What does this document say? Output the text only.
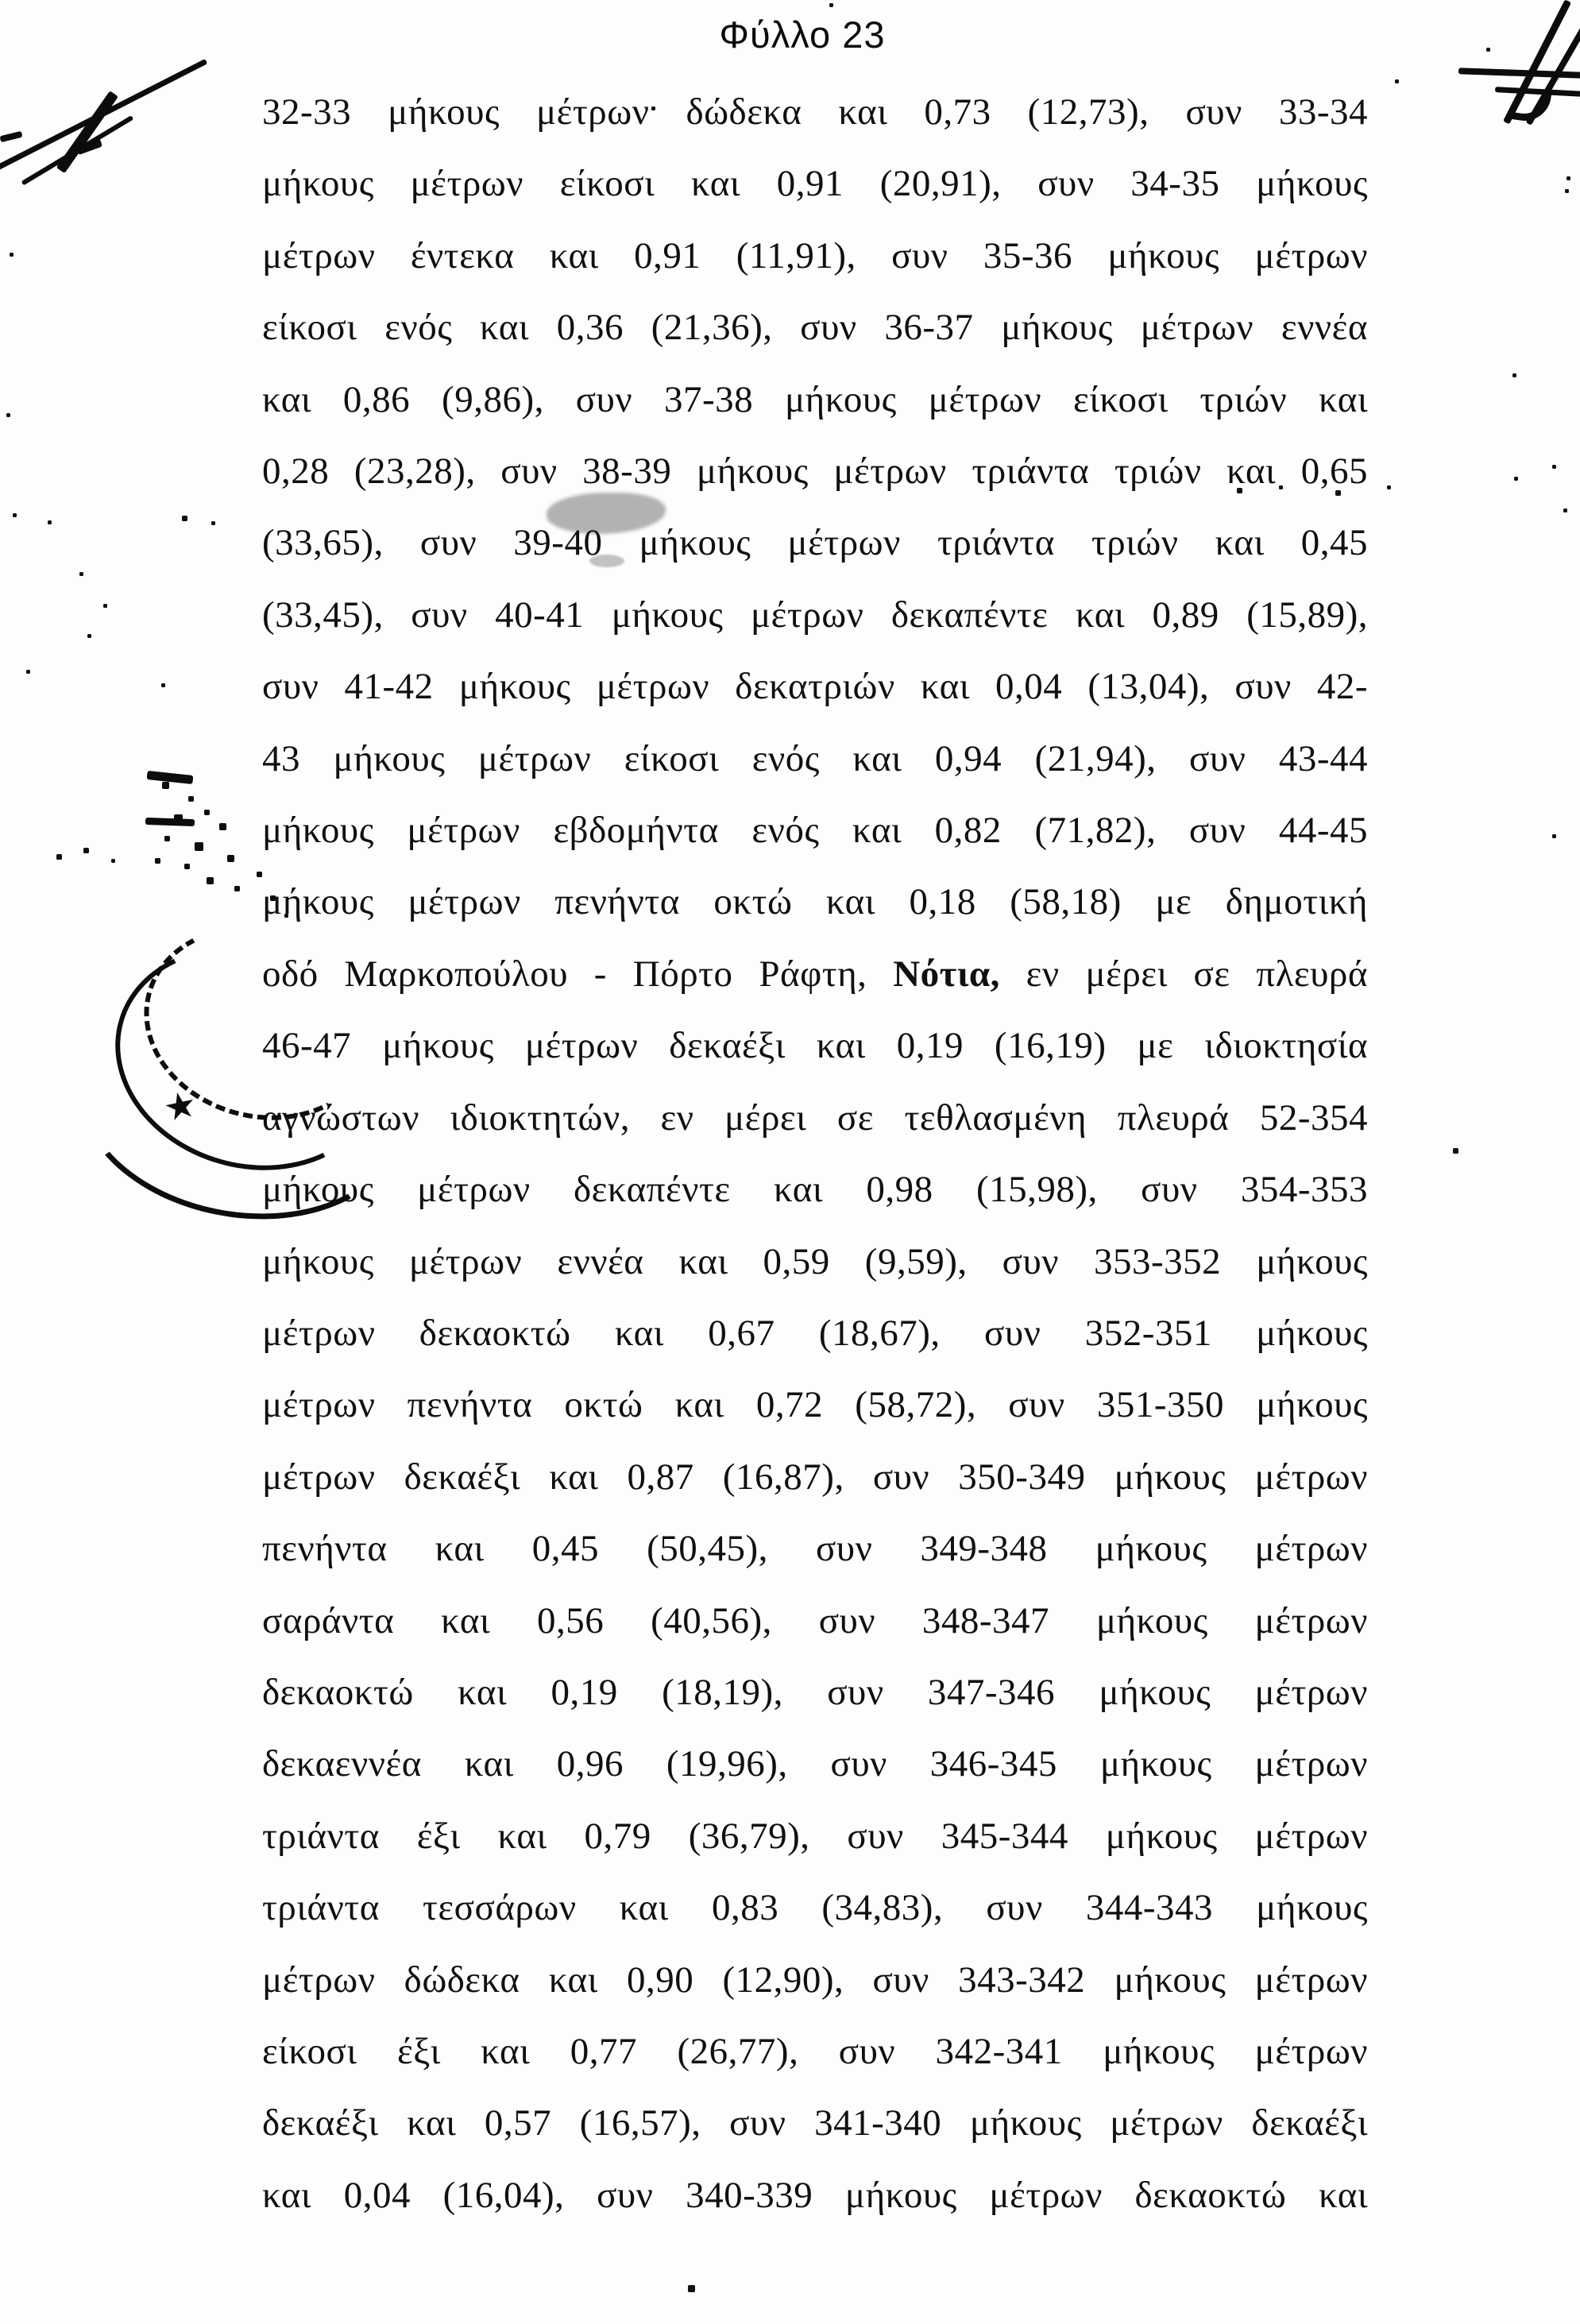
Φύλλο 23

32-33 μήκους μέτρων δώδεκα και 0,73 (12,73), συν 33-34

μήκους μέτρων είκοσι και 0,91 (20,91), συν 34-35 μήκους

μέτρων έντεκα και 0,91 (11,91), συν 35-36 μήκους μέτρων

είκοσι ενός και 0,36 (21,36), συν 36-37 μήκους μέτρων εννέα

και 0,86 (9,86), συν 37-38 μήκους μέτρων είκοσι τριών και

0,28 (23,28), συν 38-39 μήκους μέτρων τριάντα τριών και 0,65

(33,65), συν 39-40 μήκους μέτρων τριάντα τριών και 0,45

(33,45), συν 40-41 μήκους μέτρων δεκαπέντε και 0,89 (15,89),

συν 41-42 μήκους μέτρων δεκατριών και 0,04 (13,04), συν 42-

43 μήκους μέτρων είκοσι ενός και 0,94 (21,94), συν 43-44

μήκους μέτρων εβδομήντα ενός και 0,82 (71,82), συν 44-45

μήκους μέτρων πενήντα οκτώ και 0,18 (58,18) με δημοτική

οδό Μαρκοπούλου - Πόρτο Ράφτη, Νότια, εν μέρει σε πλευρά

46-47 μήκους μέτρων δεκαέξι και 0,19 (16,19) με ιδιοκτησία

αγνώστων ιδιοκτητών, εν μέρει σε τεθλασμένη πλευρά 52-354

μήκους μέτρων δεκαπέντε και 0,98 (15,98), συν 354-353

μήκους μέτρων εννέα και 0,59 (9,59), συν 353-352 μήκους

μέτρων δεκαοκτώ και 0,67 (18,67), συν 352-351 μήκους

μέτρων πενήντα οκτώ και 0,72 (58,72), συν 351-350 μήκους

μέτρων δεκαέξι και 0,87 (16,87), συν 350-349 μήκους μέτρων

πενήντα και 0,45 (50,45), συν 349-348 μήκους μέτρων

σαράντα και 0,56 (40,56), συν 348-347 μήκους μέτρων

δεκαοκτώ και 0,19 (18,19), συν 347-346 μήκους μέτρων

δεκαεννέα και 0,96 (19,96), συν 346-345 μήκους μέτρων

τριάντα έξι και 0,79 (36,79), συν 345-344 μήκους μέτρων

τριάντα τεσσάρων και 0,83 (34,83), συν 344-343 μήκους

μέτρων δώδεκα και 0,90 (12,90), συν 343-342 μήκους μέτρων

είκοσι έξι και 0,77 (26,77), συν 342-341 μήκους μέτρων

δεκαέξι και 0,57 (16,57), συν 341-340 μήκους μέτρων δεκαέξι

και 0,04 (16,04), συν 340-339 μήκους μέτρων δεκαοκτώ και

★
